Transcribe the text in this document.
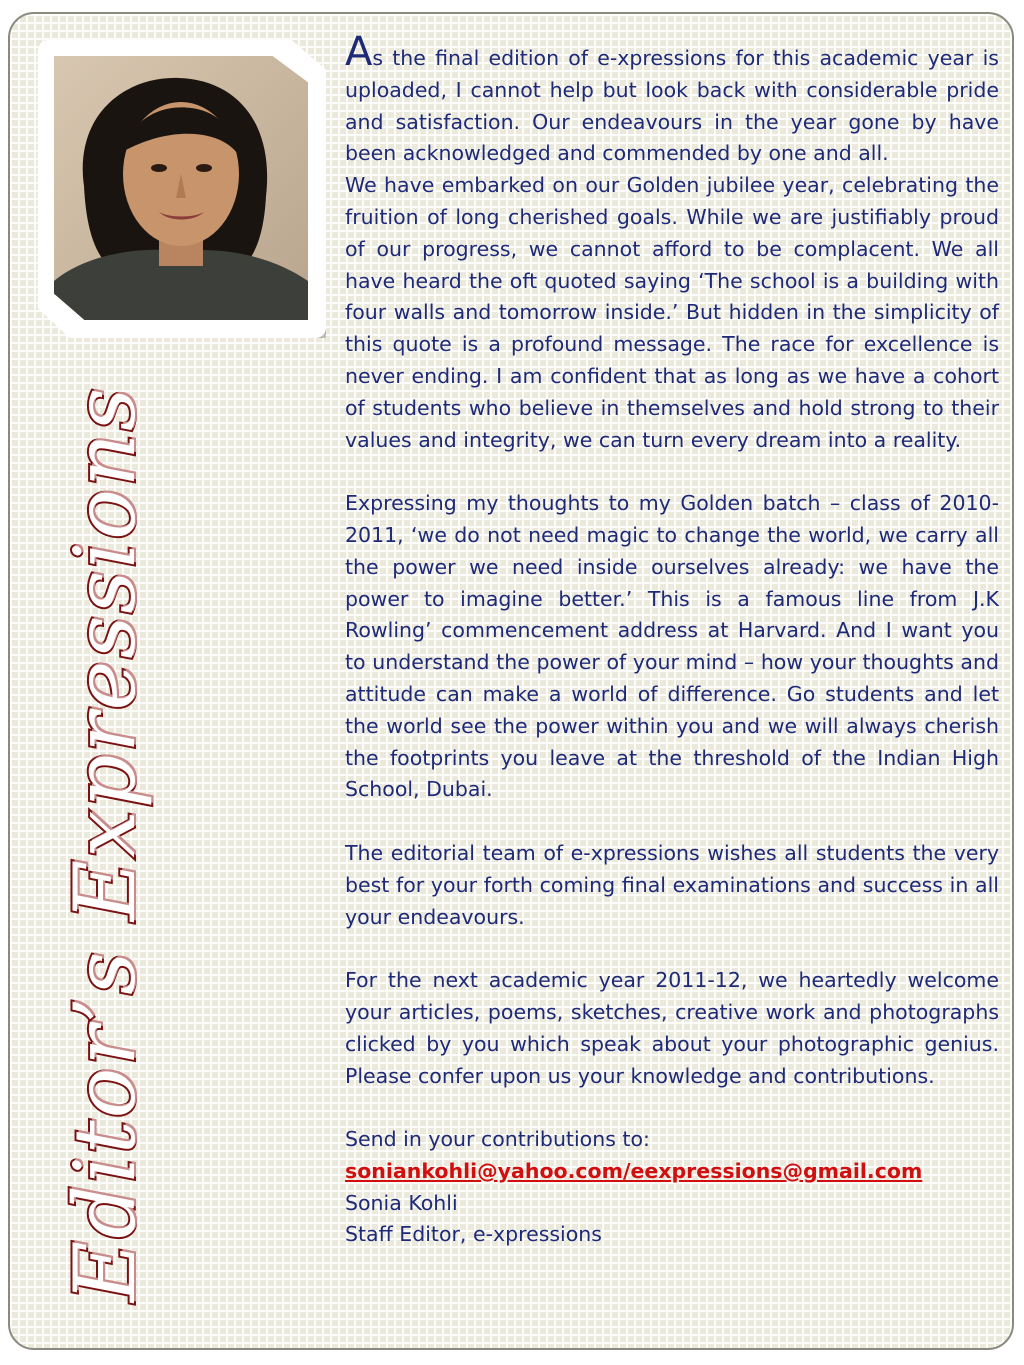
Editor’s Expressions

As the final edition of e-xpressions for this academic year is uploaded, I cannot help but look back with considerable pride and satisfaction. Our endeavours in the year gone by have been acknowledged and commended by one and all.

We have embarked on our Golden jubilee year, celebrating the fruition of long cherished goals. While we are justifiably proud of our progress, we cannot afford to be complacent. We all have heard the oft quoted saying ‘The school is a building with four walls and tomorrow inside.’ But hidden in the simplicity of this quote is a profound message. The race for excellence is never ending. I am confident that as long as we have a cohort of students who believe in themselves and hold strong to their values and integrity, we can turn every dream into a reality.

Expressing my thoughts to my Golden batch – class of 2010-2011, ‘we do not need magic to change the world, we carry all the power we need inside ourselves already: we have the power to imagine better.’ This is a famous line from J.K Rowling’ commencement address at Harvard. And I want you to understand the power of your mind – how your thoughts and attitude can make a world of difference. Go students and let the world see the power within you and we will always cherish the footprints you leave at the threshold of the Indian High School, Dubai.

The editorial team of e-xpressions wishes all students the very best for your forth coming final examinations and success in all your endeavours.

For the next academic year 2011-12, we heartedly welcome your articles, poems, sketches, creative work and photographs clicked by you which speak about your photographic genius. Please confer upon us your knowledge and contributions.

Send in your contributions to:

soniankohli@yahoo.com/eexpressions@gmail.com

Sonia Kohli

Staff Editor, e-xpressions
